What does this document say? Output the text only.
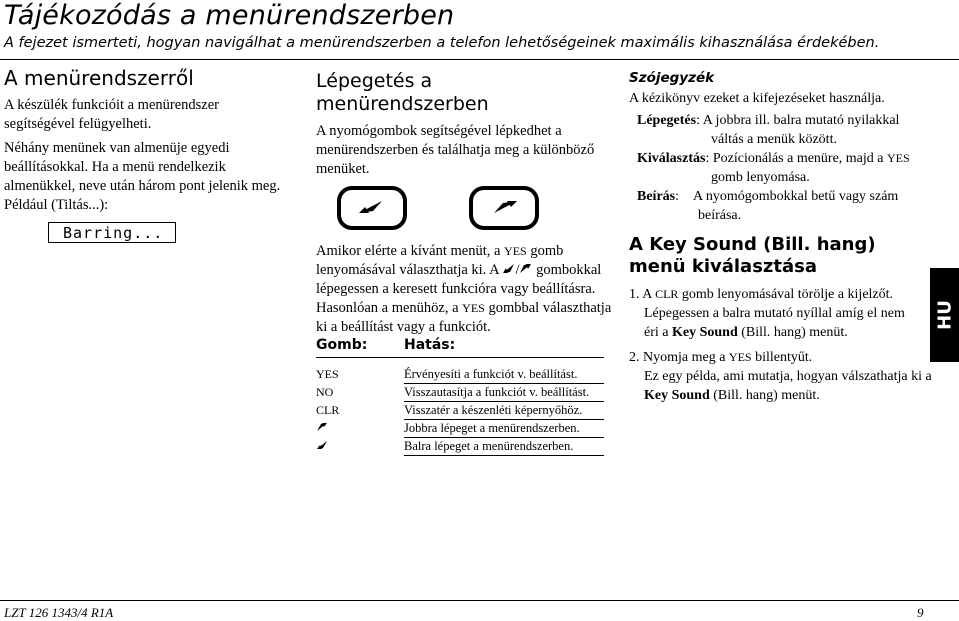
Tájékozódás a menürendszerben
A fejezet ismerteti, hogyan navigálhat a menürendszerben a telefon lehetőségeinek maximális kihasználása érdekében.
A menürendszerről
A készülék funkcióit a menürendszer segítségével felügyelheti.
Néhány menünek van almenüje egyedi beállításokkal. Ha a menü rendelkezik almenükkel, neve után három pont jelenik meg. Például (Tiltás...):
Barring...
Lépegetés a
menürendszerben
A nyomógombok segítségével lépkedhet a menürendszerben és találhatja meg a különböző menüket.
Amikor elérte a kívánt menüt, a YES gomb lenyomásával választhatja ki. A / gombokkal lépegessen a keresett funkcióra vagy beállításra. Hasonlóan a menühöz, a YES gombbal választhatja ki a beállítást vagy a funkciót.
Gomb:	Hatás:

YES	Érvényesíti a funkciót v. beállítást.
NO	Visszautasítja a funkciót v. beállítást.
CLR	Visszatér a készenléti képernyőhöz.
	Jobbra lépeget a menürendszerben.
	Balra lépeget a menürendszerben.
Szójegyzék
A kézikönyv ezeket a kifejezéseket használja.
Lépegetés: A jobbra ill. balra mutató nyilakkal
váltás a menük között.
Kiválasztás: Pozícionálás a menüre, majd a YES
gomb lenyomása.
Beírás:    A nyomógombokkal betű vagy szám
beírása.
A Key Sound (Bill. hang)
menü kiválasztása
1. A CLR gomb lenyomásával törölje a kijelzőt.
Lépegessen a balra mutató nyíllal amíg el nem éri a Key Sound (Bill. hang) menüt.
2. Nyomja meg a YES billentyűt.
Ez egy példa, ami mutatja, hogyan válszathatja ki a Key Sound (Bill. hang) menüt.
HU
LZT 126 1343/4 R1A	9
